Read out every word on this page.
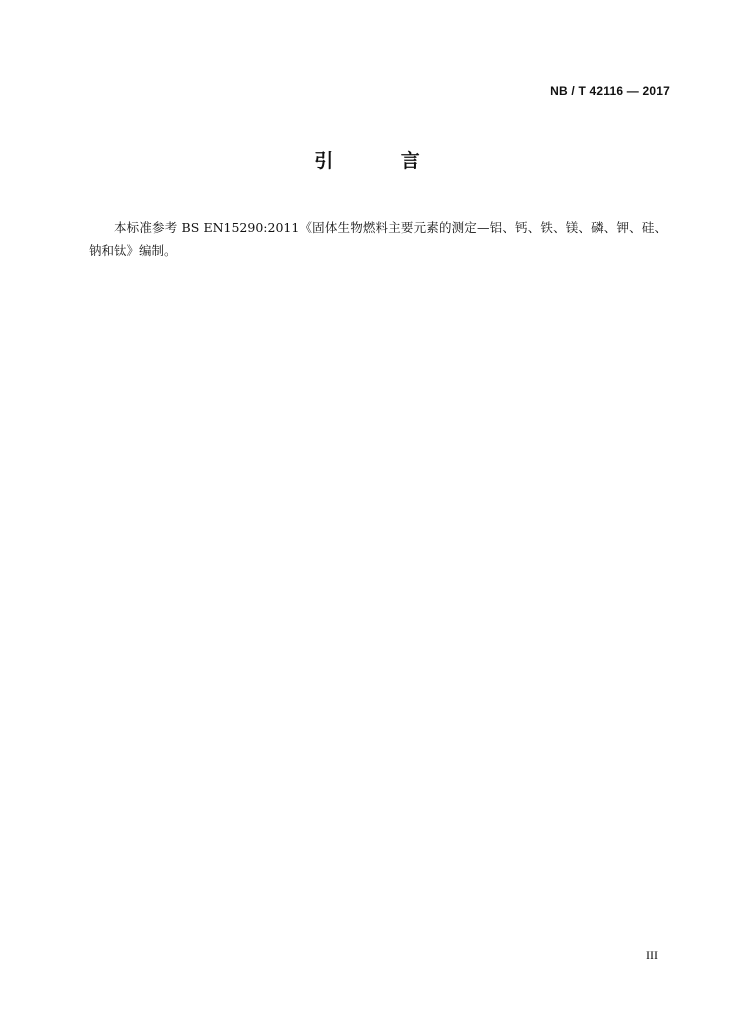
NB / T 42116 — 2017
引 言

本标准参考 BS EN15290:2011《固体生物燃料主要元素的测定—铝、钙、铁、镁、磷、钾、硅、钠和钛》编制。

III
